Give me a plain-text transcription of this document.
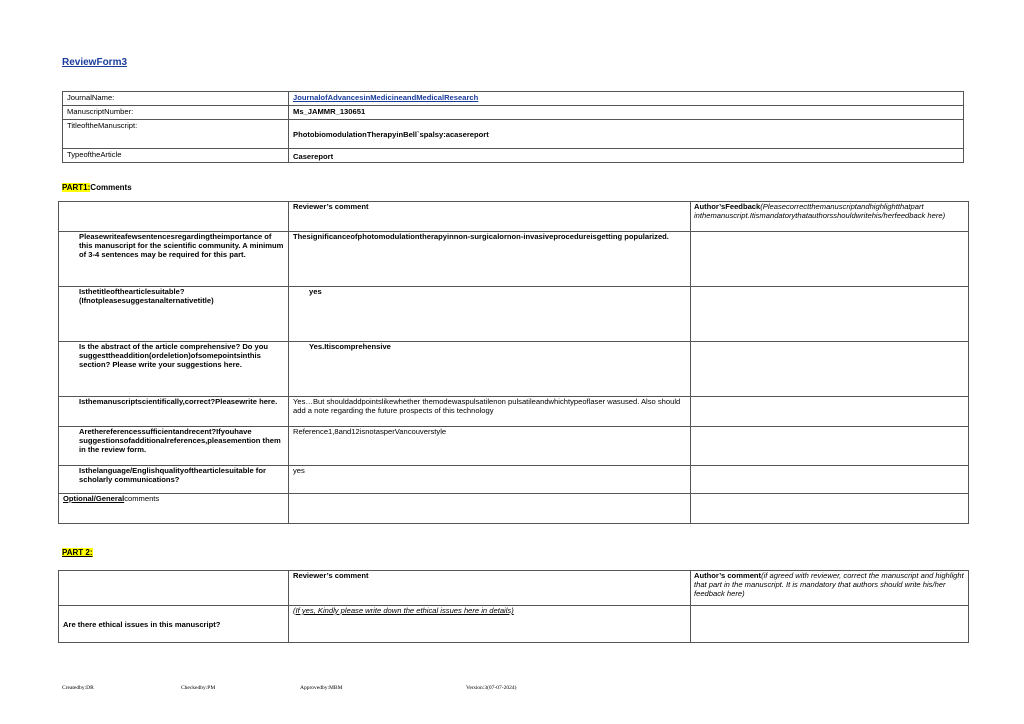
ReviewForm3
JournalName:	JournalofAdvancesinMedicineandMedicalResearch
ManuscriptNumber:	Ms_JAMMR_130651
TitleoftheManuscript:	PhotobiomodulationTherapyinBell`spalsy:acasereport
TypeoftheArticle	Casereport
PART1:Comments
	Reviewer’s comment	Author’sFeedback(Pleasecorrectthemanuscriptandhighlightthatpart inthemanuscript.Itismandatorythatauthorsshouldwritehis/herfeedback here)
Pleasewriteafewsentencesregardingtheimportance of this manuscript for the scientific community. A minimum of 3-4 sentences may be required for this part.	Thesignificanceofphotomodulationtherapyinnon-surgicalornon-invasiveprocedureisgetting popularized.	
Isthetitleofthearticlesuitable? (Ifnotpleasesuggestanalternativetitle)	yes	
Is the abstract of the article comprehensive? Do you suggesttheaddition(ordeletion)ofsomepointsinthis section? Please write your suggestions here.	Yes.Itiscomprehensive	
Isthemanuscriptscientifically,correct?Pleasewrite here.	Yes…But shouldaddpointslikewhether themodewaspulsatilenon pulsatileandwhichtypeoflaser wasused. Also should add a note regarding the future prospects of this technology	
Arethereferencessufficientandrecent?Ifyouhave suggestionsofadditionalreferences,pleasemention them in the review form.	Reference1,8and12isnotasperVancouverstyle	
Isthelanguage/Englishqualityofthearticlesuitable for scholarly communications?	yes	
Optional/Generalcomments		
PART 2:
	Reviewer’s comment	Author’s comment(if agreed with reviewer, correct the manuscript and highlight that part in the manuscript. It is mandatory that authors should write his/her feedback here)
Are there ethical issues in this manuscript?	(If yes, Kindly please write down the ethical issues here in details)	
Createdby:DR	Checkedby:PM	Approvedby:MBM	Version:3(07-07-2024)
